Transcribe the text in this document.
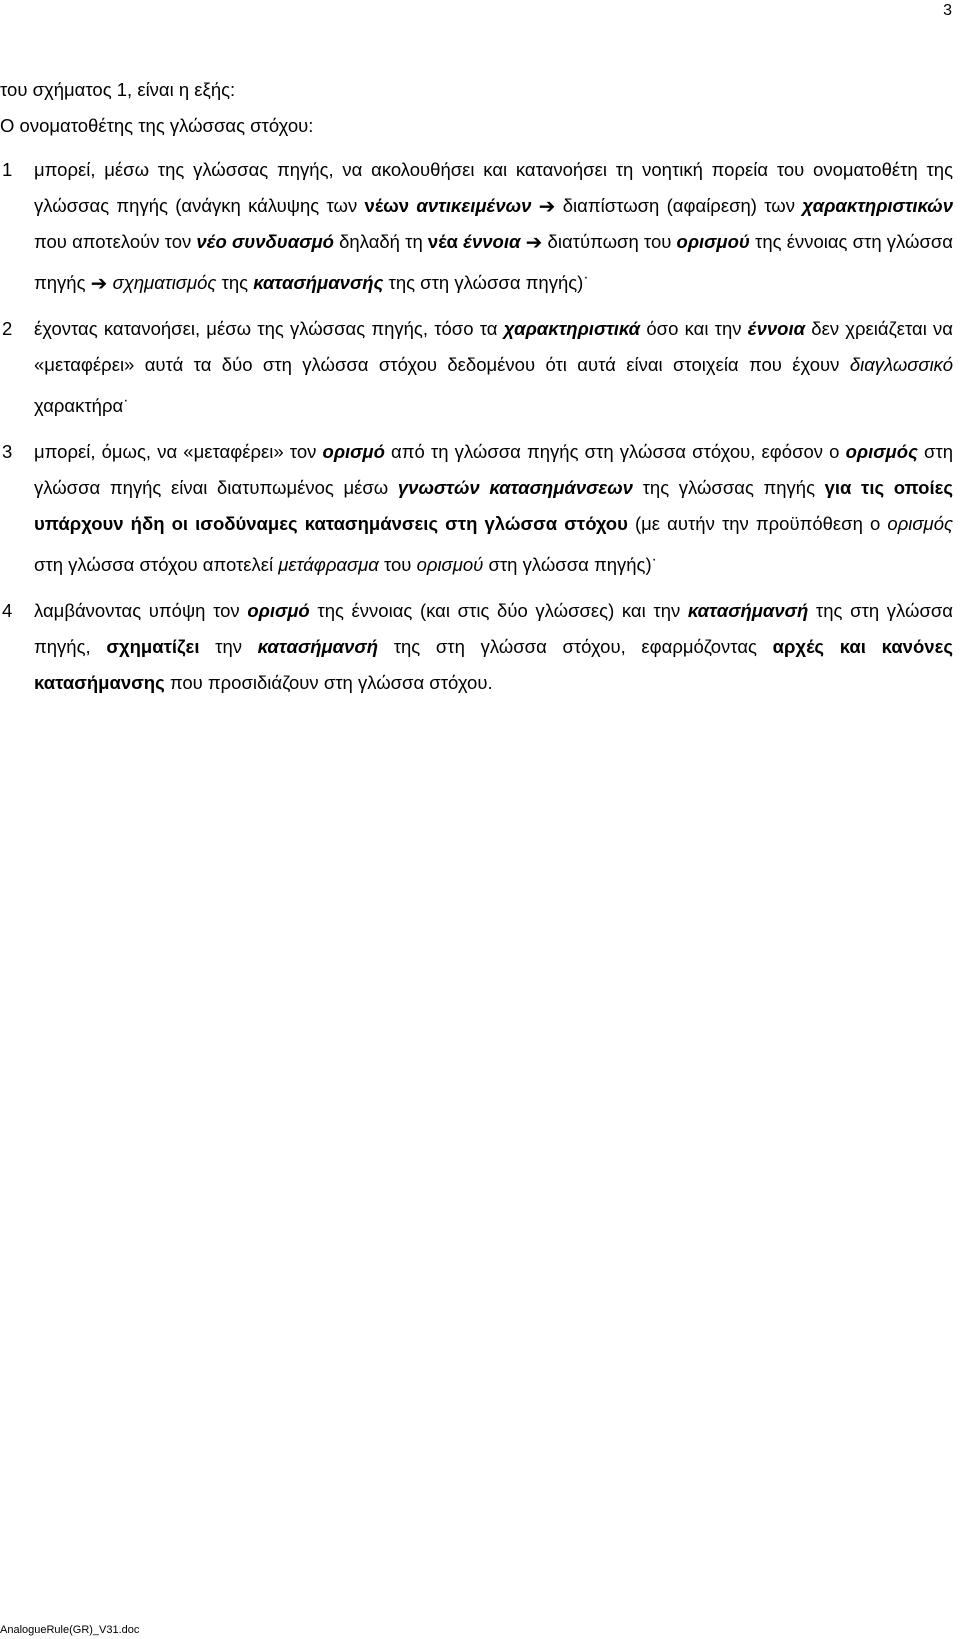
3

του σχήματος 1, είναι η εξής:

Ο ονοματοθέτης της γλώσσας στόχου:

1	μπορεί, μέσω της γλώσσας πηγής, να ακολουθήσει και κατανοήσει τη νοητική πορεία του ονοματοθέτη της γλώσσας πηγής (ανάγκη κάλυψης των νέων αντικειμένων ➔ διαπίστωση (αφαίρεση) των χαρακτηριστικών που αποτελούν τον νέο συνδυασμό δηλαδή τη νέα έννοια ➔ διατύπωση του ορισμού της έννοιας στη γλώσσα πηγής ➔ σχηματισμός της κατασήμανσής της στη γλώσσα πηγής)·
2	έχοντας κατανοήσει, μέσω της γλώσσας πηγής, τόσο τα χαρακτηριστικά όσο και την έννοια δεν χρειάζεται να «μεταφέρει» αυτά τα δύο στη γλώσσα στόχου δεδομένου ότι αυτά είναι στοιχεία που έχουν διαγλωσσικό χαρακτήρα·
3	μπορεί, όμως, να «μεταφέρει» τον ορισμό από τη γλώσσα πηγής στη γλώσσα στόχου, εφόσον ο ορισμός στη γλώσσα πηγής είναι διατυπωμένος μέσω γνωστών κατασημάνσεων της γλώσσας πηγής για τις οποίες υπάρχουν ήδη οι ισοδύναμες κατασημάνσεις στη γλώσσα στόχου (με αυτήν την προϋπόθεση ο ορισμός στη γλώσσα στόχου αποτελεί μετάφρασμα του ορισμού στη γλώσσα πηγής)·
4	λαμβάνοντας υπόψη τον ορισμό της έννοιας (και στις δύο γλώσσες) και την κατασήμανσή της στη γλώσσα πηγής, σχηματίζει την κατασήμανσή της στη γλώσσα στόχου, εφαρμόζοντας αρχές και κανόνες κατασήμανσης που προσιδιάζουν στη γλώσσα στόχου.
AnalogueRule(GR)_V31.doc
